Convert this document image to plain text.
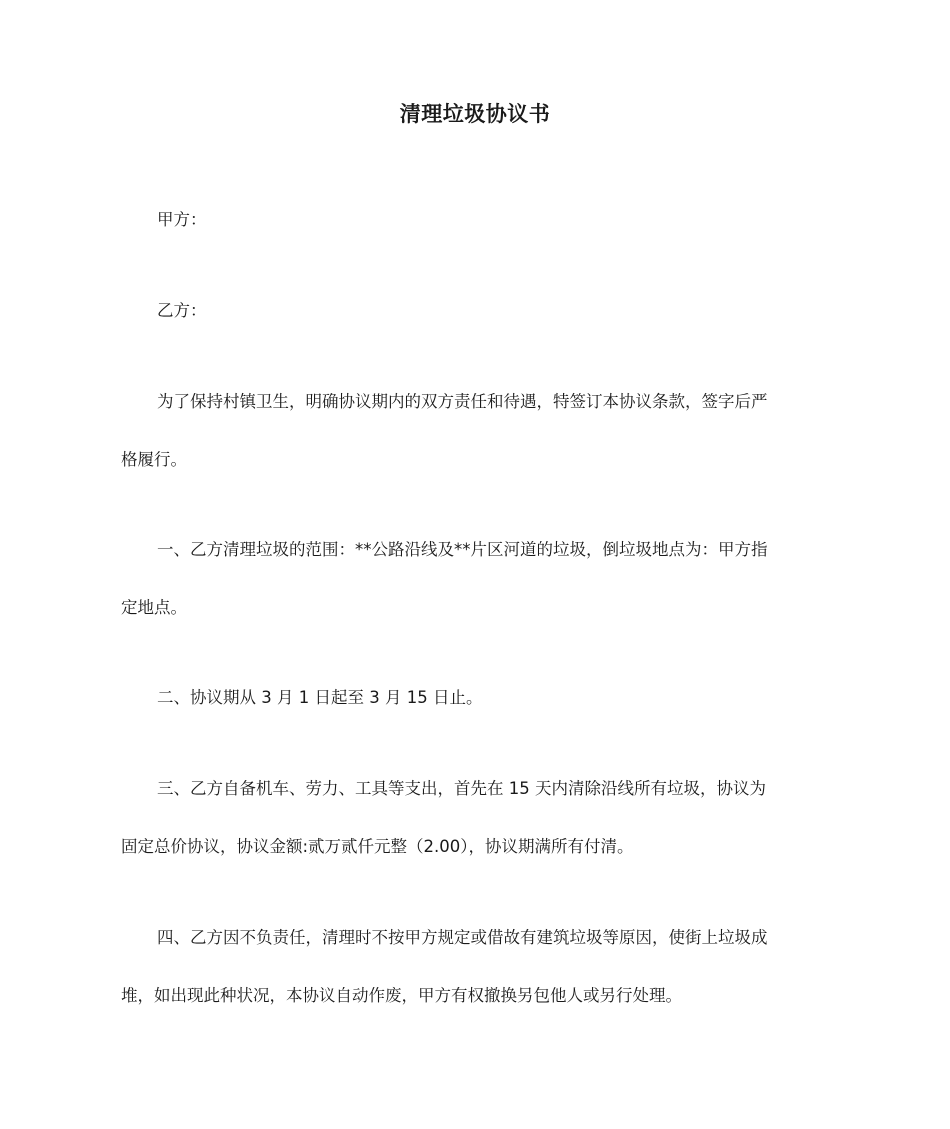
清理垃圾协议书
甲方：
乙方：
为了保持村镇卫生，明确协议期内的双方责任和待遇，特签订本协议条款，签字后严
格履行。
一、乙方清理垃圾的范围：**公路沿线及**片区河道的垃圾，倒垃圾地点为：甲方指
定地点。
二、协议期从 3 月 1 日起至 3 月 15 日止。
三、乙方自备机车、劳力、工具等支出，首先在 15 天内清除沿线所有垃圾，协议为
固定总价协议，协议金额:贰万贰仟元整（2.00），协议期满所有付清。
四、乙方因不负责任，清理时不按甲方规定或借故有建筑垃圾等原因，使街上垃圾成
堆，如出现此种状况，本协议自动作废，甲方有权撤换另包他人或另行处理。
